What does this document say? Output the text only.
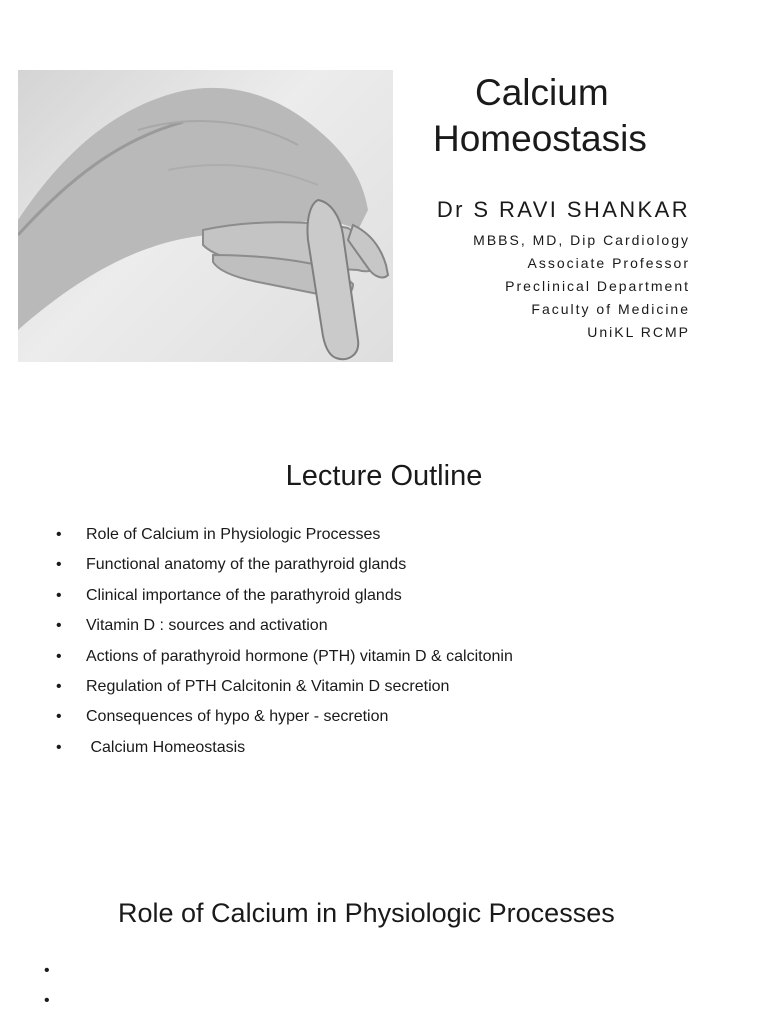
Calcium
Homeostasis
Dr S RAVI SHANKAR
MBBS, MD, Dip Cardiology
Associate Professor
Preclinical Department
Faculty of Medicine
UniKL RCMP
Lecture Outline
• Role of Calcium in Physiologic Processes
• Functional anatomy of the parathyroid glands
• Clinical importance of the parathyroid glands
• Vitamin D : sources and activation
• Actions of parathyroid hormone (PTH) vitamin D & calcitonin
• Regulation of PTH Calcitonin & Vitamin D secretion
• Consequences of hypo & hyper - secretion
•  Calcium Homeostasis
Role of Calcium in Physiologic Processes
•
•
